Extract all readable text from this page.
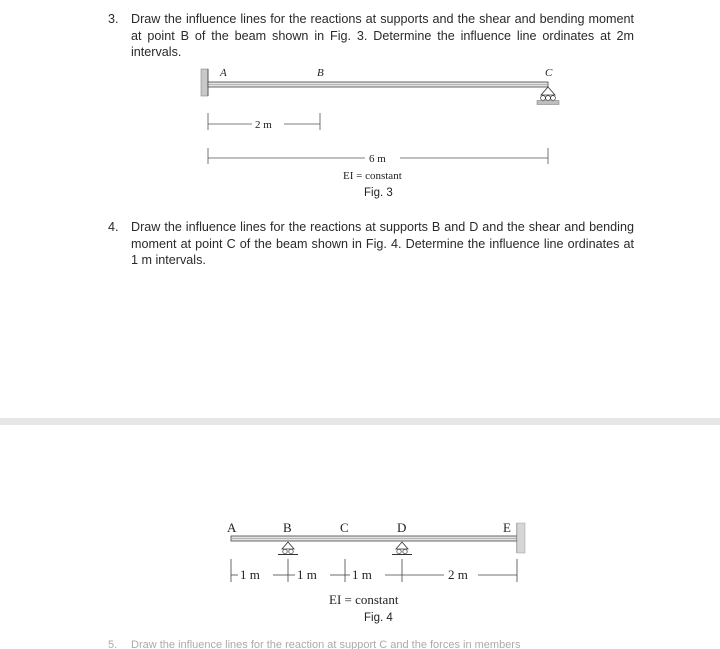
3. Draw the influence lines for the reactions at supports and the shear and bending moment at point B of the beam shown in Fig. 3. Determine the influence line ordinates at 2m intervals.
A	B	C
2 m
6 m
EI = constant
Fig. 3
4. Draw the influence lines for the reactions at supports B and D and the shear and bending moment at point C of the beam shown in Fig. 4. Determine the influence line ordinates at 1 m intervals.
A	B	C	D	E
1 m	1 m	1 m	2 m
EI = constant
Fig. 4
5. Draw the influence lines for the reaction at support C and the forces in members
